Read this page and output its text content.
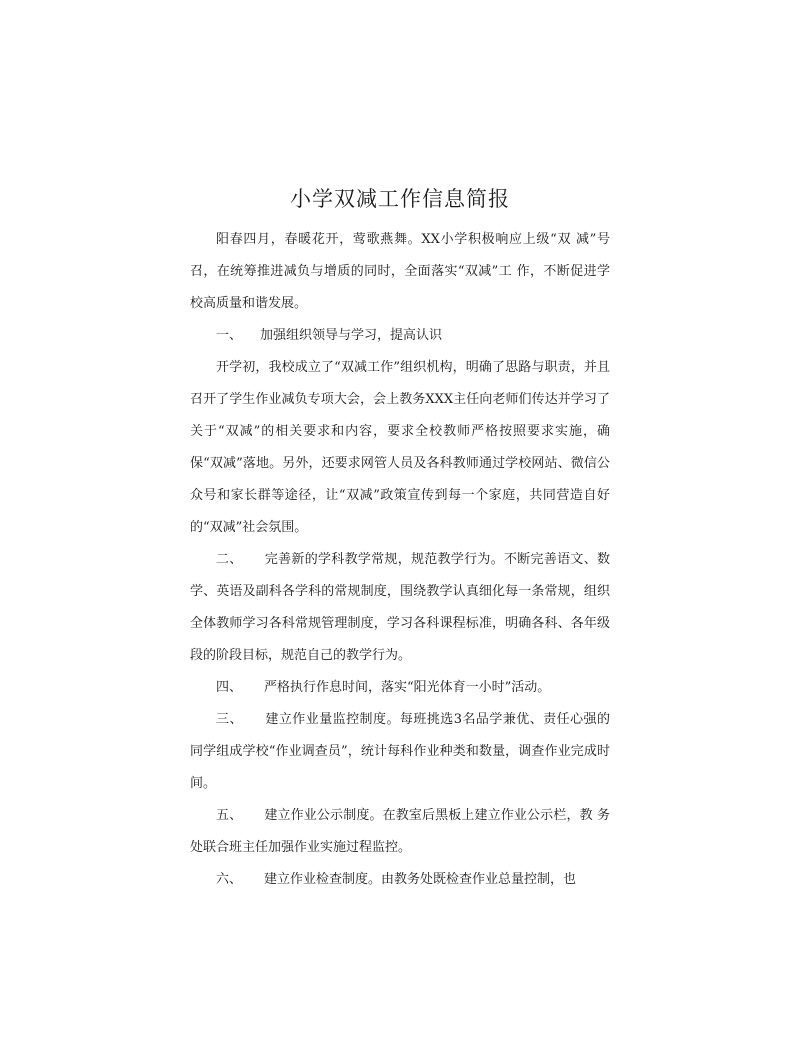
小学双减工作信息简报

阳春四月，春暖花开，莺歌燕舞。XX小学积极响应上级“双 减”号召，在统筹推进减负与增质的同时，全面落实“双减”工 作，不断促进学校高质量和谐发展。

一、 加强组织领导与学习，提高认识

开学初，我校成立了“双减工作”组织机构，明确了思路与职责，并且召开了学生作业减负专项大会，会上教务XXX主任向老师们传达并学习了关于“双减”的相关要求和内容，要求全校教师严格按照要求实施，确保“双减”落地。另外，还要求网管人员及各科教师通过学校网站、微信公众号和家长群等途径，让“双减”政策宣传到每一个家庭，共同营造自好的“双减”社会氛围。

二、 完善新的学科教学常规，规范教学行为。不断完善语文、数学、英语及副科各学科的常规制度，围绕教学认真细化每一条常规，组织全体教师学习各科常规管理制度，学习各科课程标准，明确各科、各年级段的阶段目标，规范自己的教学行为。

四、 严格执行作息时间，落实“阳光体育一小时”活动。

三、 建立作业量监控制度。每班挑选3名品学兼优、责任心强的同学组成学校“作业调查员”，统计每科作业种类和数量，调查作业完成时间。

五、 建立作业公示制度。在教室后黑板上建立作业公示栏，教 务处联合班主任加强作业实施过程监控。

六、 建立作业检查制度。由教务处既检查作业总量控制，也
